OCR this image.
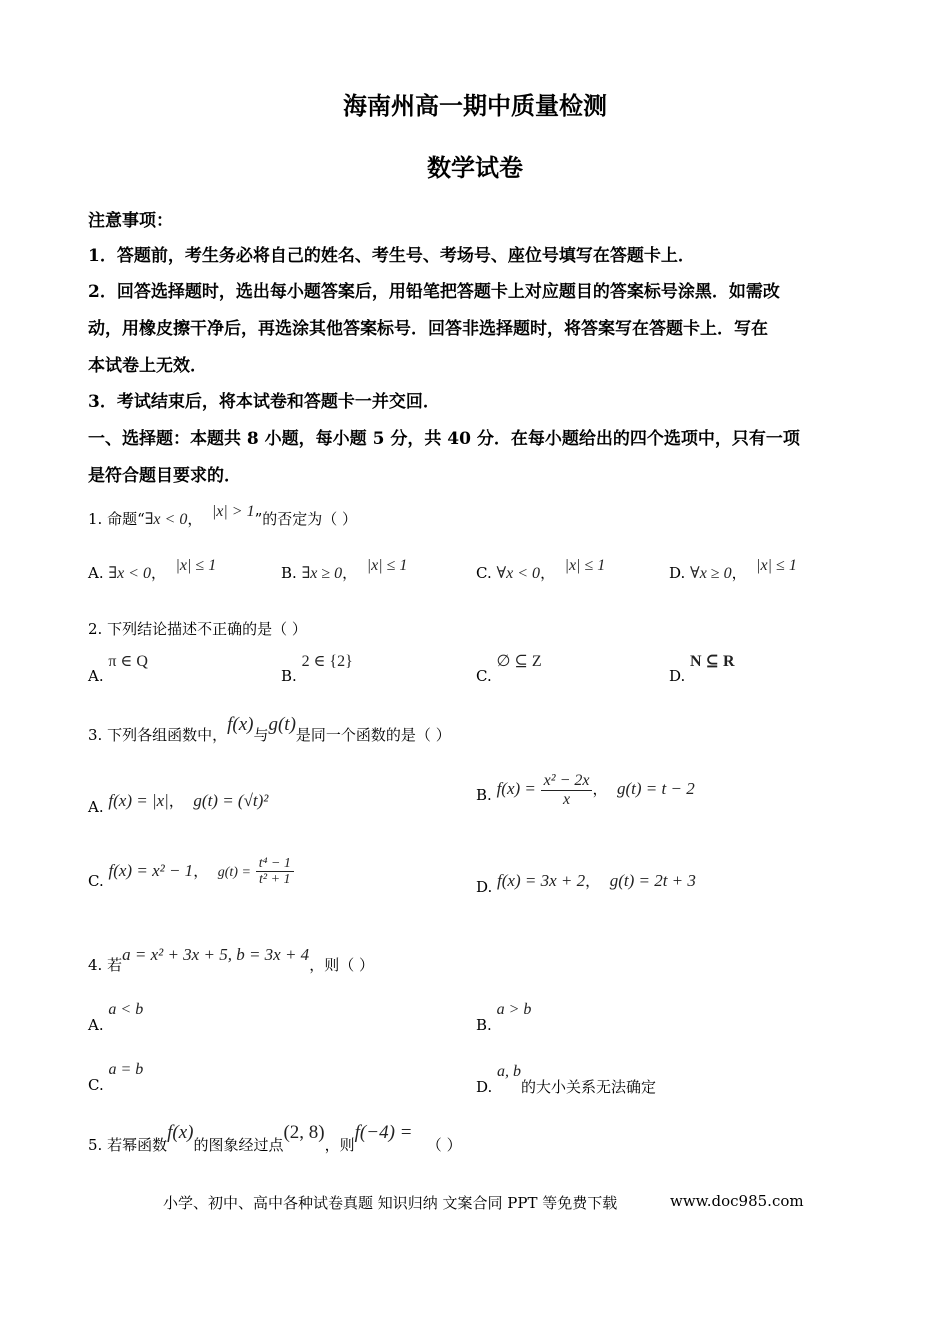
海南州高一期中质量检测
数学试卷
注意事项：
1．答题前，考生务必将自己的姓名、考生号、考场号、座位号填写在答题卡上．
2．回答选择题时，选出每小题答案后，用铅笔把答题卡上对应题目的答案标号涂黑．如需改
动，用橡皮擦干净后，再选涂其他答案标号．回答非选择题时，将答案写在答题卡上．写在
本试卷上无效．
3．考试结束后，将本试卷和答题卡一并交回．
一、选择题：本题共 8 小题，每小题 5 分，共 40 分．在每小题给出的四个选项中，只有一项
是符合题目要求的．
1. 命题“∃x < 0， |x| > 1”的否定为（ ）
A. ∃x < 0，  |x| ≤ 1	B. ∃x ≥ 0，  |x| ≤ 1	C. ∀x < 0，  |x| ≤ 1	D. ∀x ≥ 0，  |x| ≤ 1
2. 下列结论描述不正确的是（ ）
A. π ∈ Q
B. 2 ∈ {2}
C. ∅ ⊆ Z
D. N ⊆ R
3. 下列各组函数中，f(x)与g(t)是同一个函数的是（ ）
A. f(x) = |x|，  g(t) = (√t)²	B. $f(x) = \frac{\text{x² − 2x}}{x}$ ，  g(t) = t − 2
C. f(x) = x² − 1，  $g(t) = \frac{\text{t⁴ − 1}}{\text{t² + 1}}$	D. f(x) = 3x + 2，  g(t) = 2t + 3
4. 若a = x² + 3x + 5, b = 3x + 4，则（ ）
A. a < b
B. a > b
C. a = b
D. a, b的大小关系无法确定
5. 若幂函数f(x)的图象经过点(2, 8)，则f(−4) =   （ ）
小学、初中、高中各种试卷真题 知识归纳 文案合同 PPT 等免费下载	www.doc985.com
